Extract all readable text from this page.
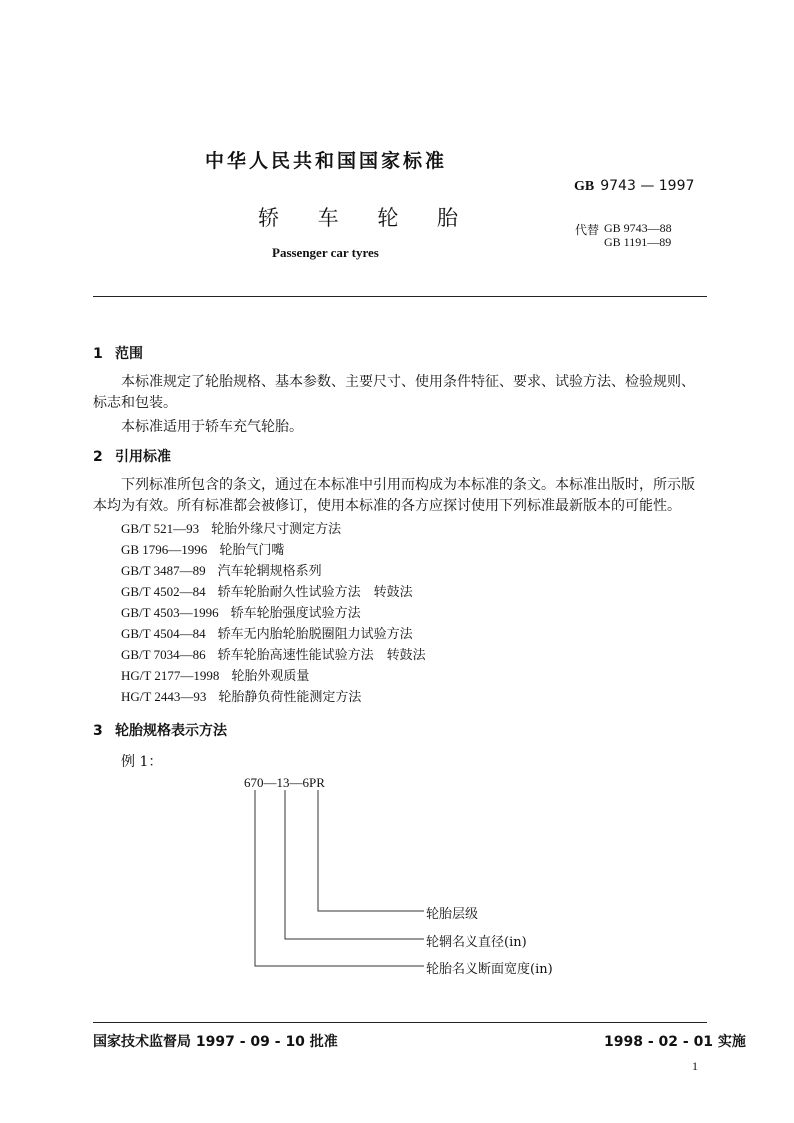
中华人民共和国国家标准
GB 9743 — 1997
轿 车 轮 胎	代替 GB 9743—88
GB 1191—89
Passenger car tyres
1 范围
本标准规定了轮胎规格、基本参数、主要尺寸、使用条件特征、要求、试验方法、检验规则、标志和包装。
本标准适用于轿车充气轮胎。
2 引用标准
下列标准所包含的条文，通过在本标准中引用而构成为本标准的条文。本标准出版时，所示版本均为有效。所有标准都会被修订，使用本标准的各方应探讨使用下列标准最新版本的可能性。
GB/T 521—93 轮胎外缘尺寸测定方法
GB 1796—1996 轮胎气门嘴
GB/T 3487—89 汽车轮辋规格系列
GB/T 4502—84 轿车轮胎耐久性试验方法　转鼓法
GB/T 4503—1996 轿车轮胎强度试验方法
GB/T 4504—84 轿车无内胎轮胎脱圈阻力试验方法
GB/T 7034—86 轿车轮胎高速性能试验方法　转鼓法
HG/T 2177—1998 轮胎外观质量
HG/T 2443—93 轮胎静负荷性能测定方法
3 轮胎规格表示方法
例 1：
670—13—6PR
轮胎层级
轮辋名义直径(in)
轮胎名义断面宽度(in)
国家技术监督局 1997 - 09 - 10 批准	1998 - 02 - 01 实施
1
